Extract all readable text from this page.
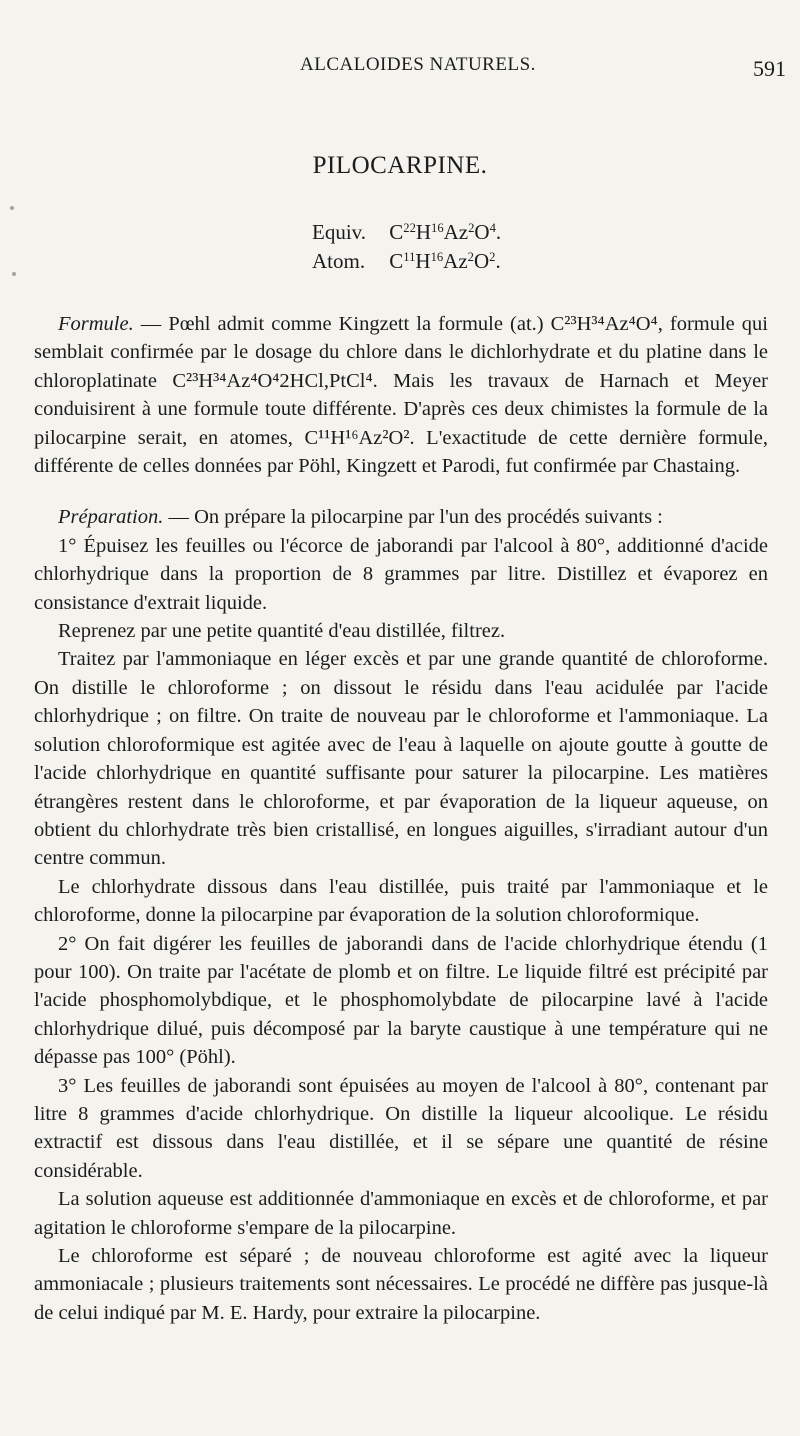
ALCALOIDES NATURELS.	591
PILOCARPINE.
Equiv. $C^{22}H^{16}Az^2O^4$.
Atom. $C^{11}H^{16}Az^2O^2$.

Formule. — Pœhl admit comme Kingzett la formule (at.) C²³H³⁴Az⁴O⁴, formule qui semblait confirmée par le dosage du chlore dans le dichlorhydrate et du platine dans le chloroplatinate C²³H³⁴Az⁴O⁴2HCl,PtCl⁴. Mais les travaux de Harnach et Meyer conduisirent à une formule toute différente. D'après ces deux chimistes la formule de la pilocarpine serait, en atomes, C¹¹H¹⁶Az²O². L'exactitude de cette dernière formule, différente de celles données par Pöhl, Kingzett et Parodi, fut confirmée par Chastaing.

Préparation. — On prépare la pilocarpine par l'un des procédés suivants :

1° Épuisez les feuilles ou l'écorce de jaborandi par l'alcool à 80°, additionné d'acide chlorhydrique dans la proportion de 8 grammes par litre. Distillez et évaporez en consistance d'extrait liquide.

Reprenez par une petite quantité d'eau distillée, filtrez.

Traitez par l'ammoniaque en léger excès et par une grande quantité de chloroforme. On distille le chloroforme ; on dissout le résidu dans l'eau acidulée par l'acide chlorhydrique ; on filtre. On traite de nouveau par le chloroforme et l'ammoniaque. La solution chloroformique est agitée avec de l'eau à laquelle on ajoute goutte à goutte de l'acide chlorhydrique en quantité suffisante pour saturer la pilocarpine. Les matières étrangères restent dans le chloroforme, et par évaporation de la liqueur aqueuse, on obtient du chlorhydrate très bien cristallisé, en longues aiguilles, s'irradiant autour d'un centre commun.

Le chlorhydrate dissous dans l'eau distillée, puis traité par l'ammoniaque et le chloroforme, donne la pilocarpine par évaporation de la solution chloroformique.

2° On fait digérer les feuilles de jaborandi dans de l'acide chlorhydrique étendu (1 pour 100). On traite par l'acétate de plomb et on filtre. Le liquide filtré est précipité par l'acide phosphomolybdique, et le phosphomolybdate de pilocarpine lavé à l'acide chlorhydrique dilué, puis décomposé par la baryte caustique à une température qui ne dépasse pas 100° (Pöhl).

3° Les feuilles de jaborandi sont épuisées au moyen de l'alcool à 80°, contenant par litre 8 grammes d'acide chlorhydrique. On distille la liqueur alcoolique. Le résidu extractif est dissous dans l'eau distillée, et il se sépare une quantité de résine considérable.

La solution aqueuse est additionnée d'ammoniaque en excès et de chloroforme, et par agitation le chloroforme s'empare de la pilocarpine.

Le chloroforme est séparé ; de nouveau chloroforme est agité avec la liqueur ammoniacale ; plusieurs traitements sont nécessaires. Le procédé ne diffère pas jusque-là de celui indiqué par M. E. Hardy, pour extraire la pilocarpine.
